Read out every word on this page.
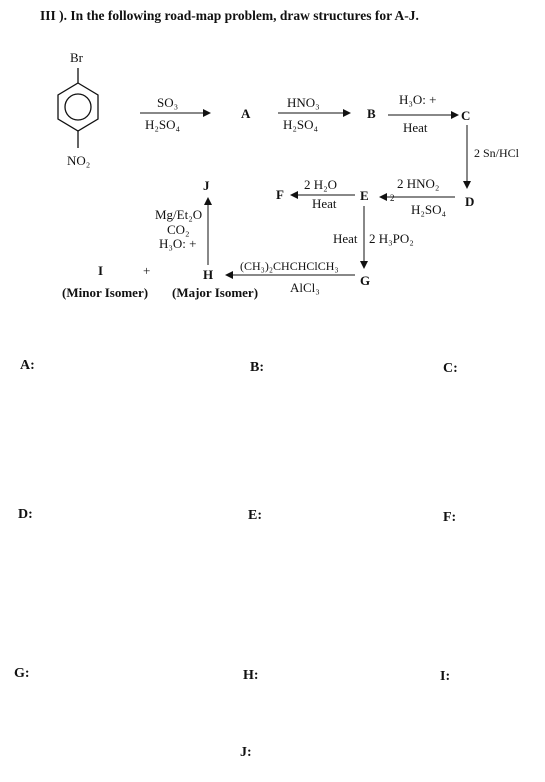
III ). In the following road-map problem, draw structures for A-J.
Br
NO₂
SO₃
H₂SO₄
A
HNO₃
H₂SO₄
B
H₃O: +
Heat
C
2 Sn/HCl
D
2 HNO₂
2
H₂SO₄
E
2 H₂O
Heat
F
Heat 2 H₃PO₂
G
(CH₃)₂CHCHClCH₃
AlCl₃
H
Mg/Et₂O
CO₂
H₃O: +
J
I	+
(Minor Isomer) (Major Isomer)
A:	B:	C:
D:	E:	F:
G:	H:	I:
J:
